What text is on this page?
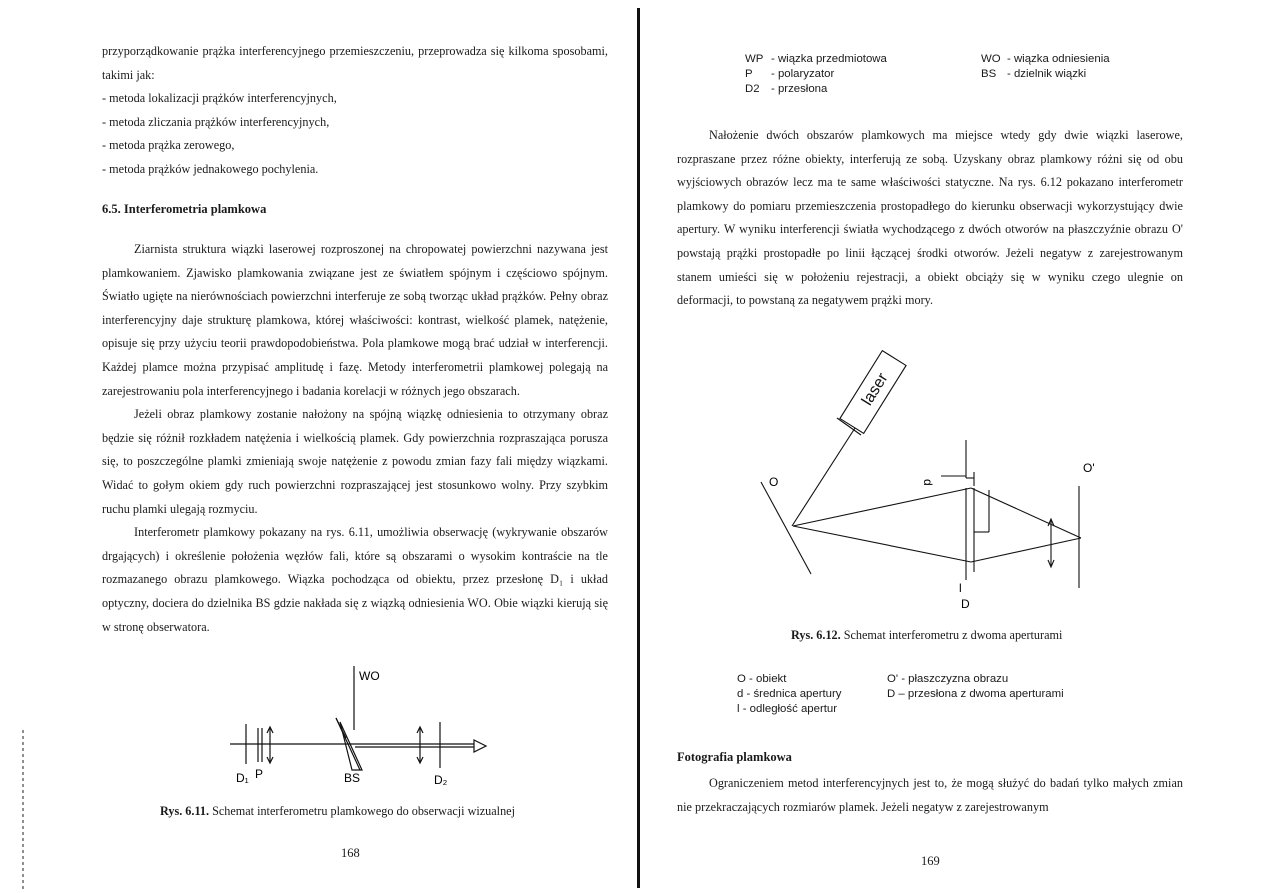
przyporządkowanie prążka interferencyjnego przemieszczeniu, przeprowadza się kilkoma sposobami, takimi jak:

- metoda lokalizacji prążków interferencyjnych,
- metoda zliczania prążków interferencyjnych,
- metoda prążka zerowego,
- metoda prążków jednakowego pochylenia.
6.5. Interferometria plamkowa

Ziarnista struktura wiązki laserowej rozproszonej na chropowatej powierzchni nazywana jest plamkowaniem. Zjawisko plamkowania związane jest ze światłem spójnym i częściowo spójnym. Światło ugięte na nierównościach powierzchni interferuje ze sobą tworząc układ prążków. Pełny obraz interferencyjny daje strukturę plamkowa, której właściwości: kontrast, wielkość plamek, natężenie, opisuje się przy użyciu teorii prawdopodobieństwa. Pola plamkowe mogą brać udział w interferencji. Każdej plamce można przypisać amplitudę i fazę. Metody interferometrii plamkowej polegają na zarejestrowaniu pola interferencyjnego i badania korelacji w różnych jego obszarach.

Jeżeli obraz plamkowy zostanie nałożony na spójną wiązkę odniesienia to otrzymany obraz będzie się różnił rozkładem natężenia i wielkością plamek. Gdy powierzchnia rozpraszająca porusza się, to poszczególne plamki zmieniają swoje natężenie z powodu zmian fazy fali między wiązkami. Widać to gołym okiem gdy ruch powierzchni rozpraszającej jest stosunkowo wolny. Przy szybkim ruchu plamki ulegają rozmyciu.

Interferometr plamkowy pokazany na rys. 6.11, umożliwia obserwację (wykrywanie obszarów drgających) i określenie położenia węzłów fali, które są obszarami o wysokim kontraście na tle rozmazanego obrazu plamkowego. Wiązka pochodząca od obiektu, przez przesłonę D₁ i układ optyczny, dociera do dzielnika BS gdzie nakłada się z wiązką odniesienia WO. Obie wiązki kierują się w stronę obserwatora.

WO
D₁ P	BS	D₂
Rys. 6.11. Schemat interferometru plamkowego do obserwacji wizualnej
168
WP - wiązka przedmiotowa
P - polaryzator
D2 - przesłona
WO - wiązka odniesienia
BS - dzielnik wiązki

Nałożenie dwóch obszarów plamkowych ma miejsce wtedy gdy dwie wiązki laserowe, rozpraszane przez różne obiekty, interferują ze sobą. Uzyskany obraz plamkowy różni się od obu wyjściowych obrazów lecz ma te same właściwości statyczne. Na rys. 6.12 pokazano interferometr plamkowy do pomiaru przemieszczenia prostopadłego do kierunku obserwacji wykorzystujący dwie apertury. W wyniku interferencji światła wychodzącego z dwóch otworów na płaszczyźnie obrazu O' powstają prążki prostopadłe po linii łączącej środki otworów. Jeżeli negatyw z zarejestrowanym stanem umieści się w położeniu rejestracji, a obiekt obciąży się w wyniku czego ulegnie on deformacji, to powstaną za negatywem prążki mory.

laser
O
O'
d
l
D
Rys. 6.12. Schemat interferometru z dwoma aperturami
O - obiekt
d - średnica apertury
l - odległość apertur
O' - płaszczyzna obrazu
D – przesłona z dwoma aperturami
Fotografia plamkowa

Ograniczeniem metod interferencyjnych jest to, że mogą służyć do badań tylko małych zmian nie przekraczających rozmiarów plamek. Jeżeli negatyw z zarejestrowanym

169
